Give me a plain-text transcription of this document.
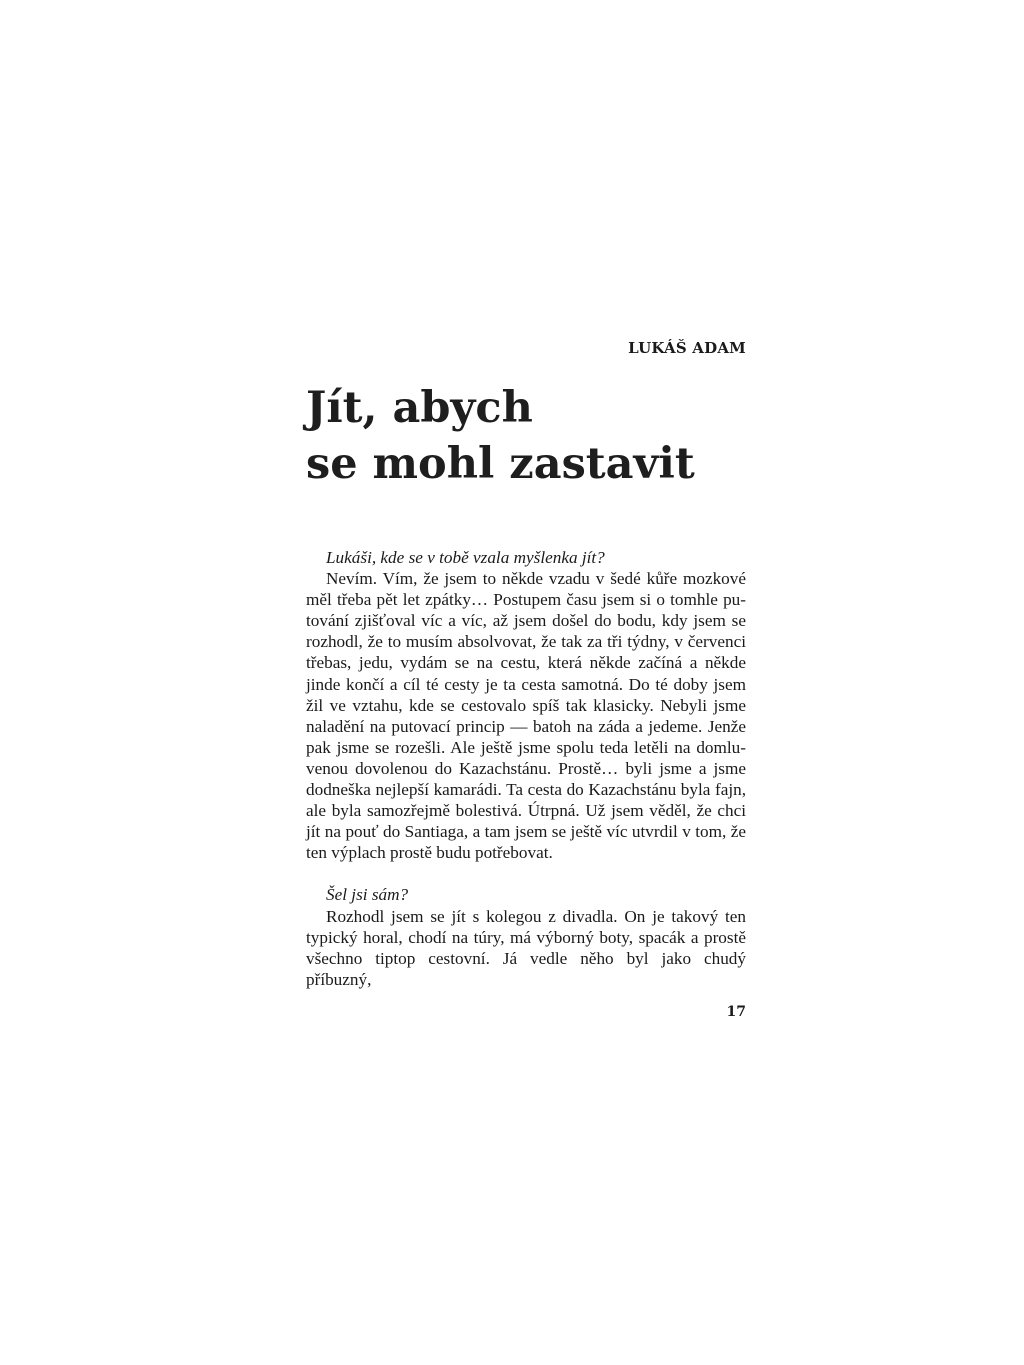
LUKÁŠ ADAM
Jít, abych
se mohl zastavit

Lukáši, kde se v tobě vzala myšlenka jít?

Nevím. Vím, že jsem to někde vzadu v šedé kůře mozkové měl třeba pět let zpátky… Postupem času jsem si o tomhle pu-tování zjišťoval víc a víc, až jsem došel do bodu, kdy jsem se rozhodl, že to musím absolvovat, že tak za tři týdny, v červenci třebas, jedu, vydám se na cestu, která někde začíná a někde jinde končí a cíl té cesty je ta cesta samotná. Do té doby jsem žil ve vztahu, kde se cestovalo spíš tak klasicky. Nebyli jsme naladění na putovací princip — batoh na záda a jedeme. Jenže pak jsme se rozešli. Ale ještě jsme spolu teda letěli na domlu-venou dovolenou do Kazachstánu. Prostě… byli jsme a jsme dodneška nejlepší kamarádi. Ta cesta do Kazachstánu byla fajn, ale byla samozřejmě bolestivá. Útrpná. Už jsem věděl, že chci jít na pouť do Santiaga, a tam jsem se ještě víc utvrdil v tom, že ten výplach prostě budu potřebovat.

Šel jsi sám?

Rozhodl jsem se jít s kolegou z divadla. On je takový ten typický horal, chodí na túry, má výborný boty, spacák a prostě všechno tiptop cestovní. Já vedle něho byl jako chudý příbuzný,

17
